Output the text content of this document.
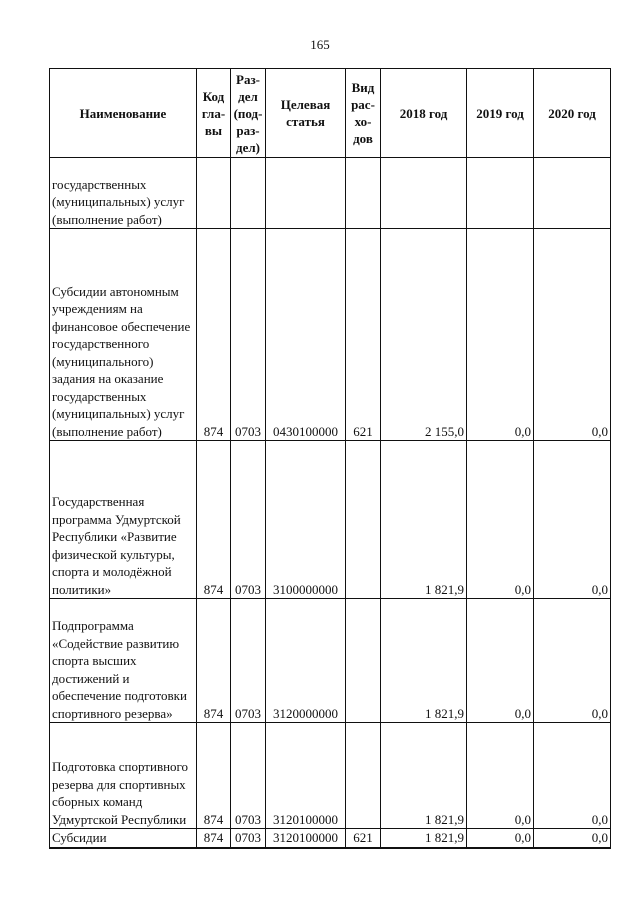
165
Наименование	Код гла-вы	Раз-дел (под-раз-дел)	Целевая статья	Вид рас-хо-дов	2018 год	2019 год	2020 год
государственных (муниципальных) услуг (выполнение работ)							
Субсидии автономным учреждениям на финансовое обеспечение государственного (муниципального) задания на оказание государственных (муниципальных) услуг (выполнение работ)	874	0703	0430100000	621	2 155,0	0,0	0,0
Государственная программа Удмуртской Республики «Развитие физической культуры, спорта и молодёжной политики»	874	0703	3100000000		1 821,9	0,0	0,0
Подпрограмма «Содействие развитию спорта высших достижений и обеспечение подготовки спортивного резерва»	874	0703	3120000000		1 821,9	0,0	0,0
Подготовка спортивного резерва для спортивных сборных команд Удмуртской Республики	874	0703	3120100000		1 821,9	0,0	0,0
Субсидии	874	0703	3120100000	621	1 821,9	0,0	0,0
